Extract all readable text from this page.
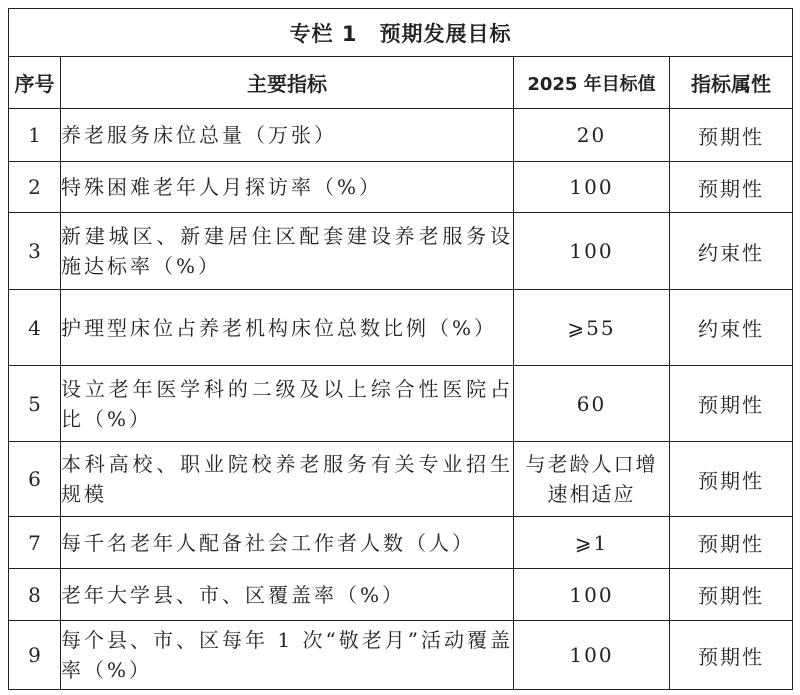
专栏 1　预期发展目标			
序号	主要指标	2025 年目标值	指标属性
1	养老服务床位总量（万张）	20	预期性
2	特殊困难老年人月探访率（%）	100	预期性
3	新建城区、新建居住区配套建设养老服务设施达标率（%）	100	约束性
4	护理型床位占养老机构床位总数比例（%）	⩾55	约束性
5	设立老年医学科的二级及以上综合性医院占比（%）	60	预期性
6	本科高校、职业院校养老服务有关专业招生规模	与老龄人口增速相适应	预期性
7	每千名老年人配备社会工作者人数（人）	⩾1	预期性
8	老年大学县、市、区覆盖率（%）	100	预期性
9	每个县、市、区每年 1 次“敬老月”活动覆盖率（%）	100	预期性
